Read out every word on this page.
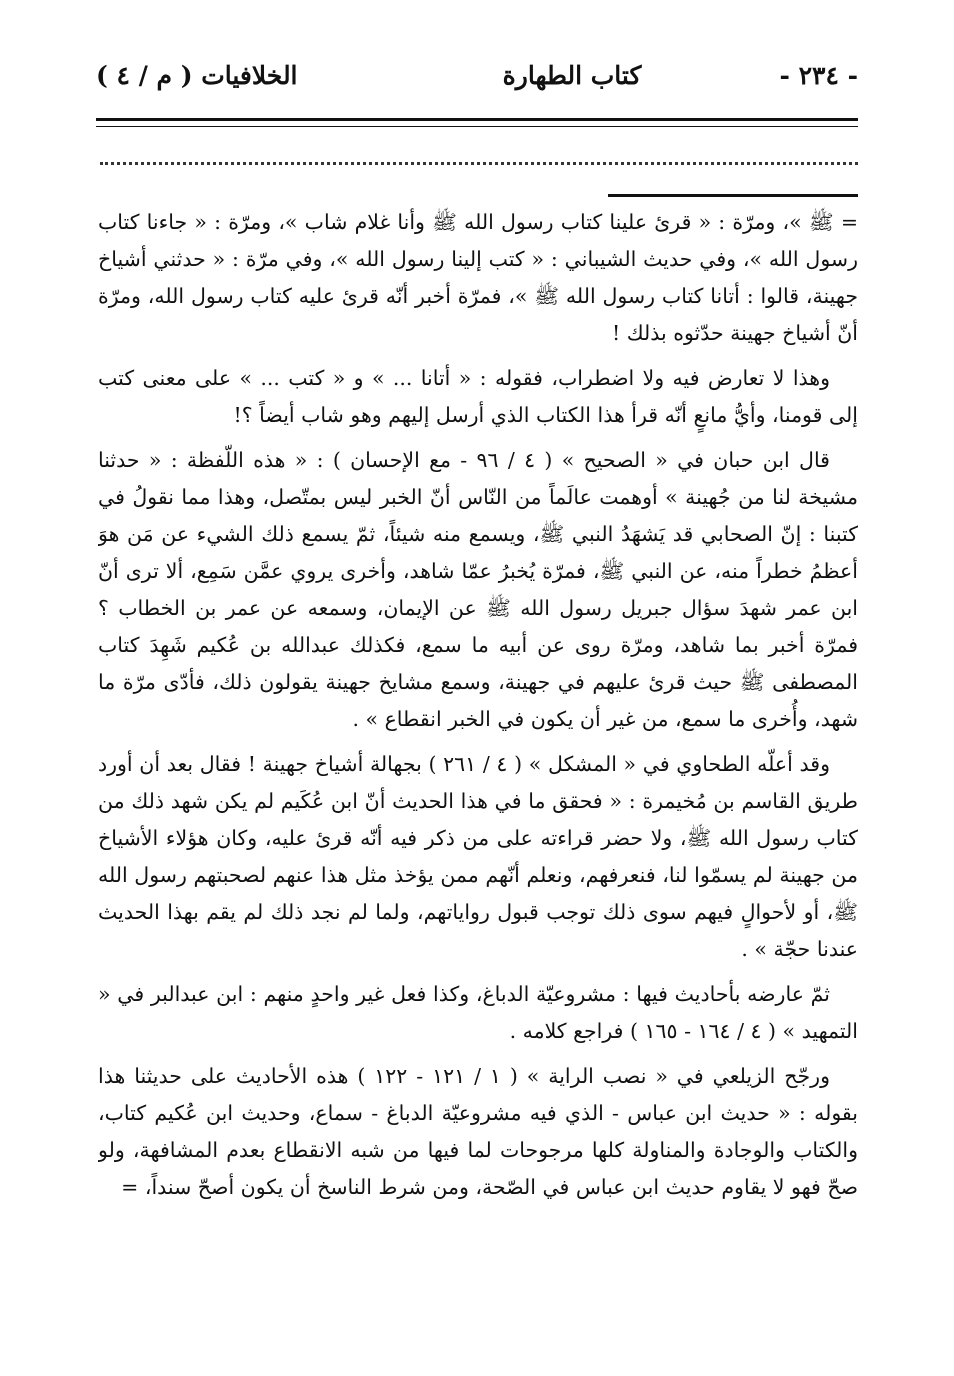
- ٢٣٤ -
كتاب الطهارة
الخلافيات ( م / ٤ )

= ﷺ »، ومرّة : « قرئ علينا كتاب رسول الله ﷺ وأنا غلام شاب »، ومرّة : « جاءنا كتاب رسول الله »، وفي حديث الشيباني : « كتب إلينا رسول الله »، وفي مرّة : « حدثني أشياخ جهينة، قالوا : أتانا كتاب رسول الله ﷺ »، فمرّة أخبر أنّه قرئ عليه كتاب رسول الله، ومرّة أنّ أشياخ جهينة حدّثوه بذلك !

وهذا لا تعارض فيه ولا اضطراب، فقوله : « أتانا ... » و « كتب ... » على معنى كتب إلى قومنا، وأيُّ مانعٍ أنّه قرأ هذا الكتاب الذي أرسل إليهم وهو شاب أيضاً ؟!

قال ابن حبان في « الصحيح » ( ٤ / ٩٦ - مع الإحسان ) : « هذه اللّفظة : « حدثنا مشيخة لنا من جُهينة » أوهمت عالَماً من النّاس أنّ الخبر ليس بمتّصل، وهذا مما نقولُ في كتبنا : إنّ الصحابي قد يَشهَدُ النبي ﷺ، ويسمع منه شيئاً، ثمّ يسمع ذلك الشيء عن مَن هوَ أعظمُ خطراً منه، عن النبي ﷺ، فمرّة يُخبرُ عمّا شاهد، وأخرى يروي عمَّن سَمِع، ألا ترى أنّ ابن عمر شهدَ سؤال جبريل رسول الله ﷺ عن الإيمان، وسمعه عن عمر بن الخطاب ؟ فمرّة أخبر بما شاهد، ومرّة روى عن أبيه ما سمع، فكذلك عبدالله بن عُكيم شَهِدَ كتاب المصطفى ﷺ حيث قرئ عليهم في جهينة، وسمع مشايخ جهينة يقولون ذلك، فأدّى مرّة ما شهد، وأُخرى ما سمع، من غير أن يكون في الخبر انقطاع » .

وقد أعلّه الطحاوي في « المشكل » ( ٤ / ٢٦١ ) بجهالة أشياخ جهينة ! فقال بعد أن أورد طريق القاسم بن مُخيمرة : « فحقق ما في هذا الحديث أنّ ابن عُكَيم لم يكن شهد ذلك من كتاب رسول الله ﷺ، ولا حضر قراءته على من ذكر فيه أنّه قرئ عليه، وكان هؤلاء الأشياخ من جهينة لم يسمّوا لنا، فنعرفهم، ونعلم أنّهم ممن يؤخذ مثل هذا عنهم لصحبتهم رسول الله ﷺ، أو لأحوالٍ فيهم سوى ذلك توجب قبول رواياتهم، ولما لم نجد ذلك لم يقم بهذا الحديث عندنا حجّة » .

ثمّ عارضه بأحاديث فيها : مشروعيّة الدباغ، وكذا فعل غير واحدٍ منهم : ابن عبدالبر في « التمهيد » ( ٤ / ١٦٤ - ١٦٥ ) فراجع كلامه .

ورجّح الزيلعي في « نصب الراية » ( ١ / ١٢١ - ١٢٢ ) هذه الأحاديث على حديثنا هذا بقوله : « حديث ابن عباس - الذي فيه مشروعيّة الدباغ - سماع، وحديث ابن عُكيم كتاب، والكتاب والوجادة والمناولة كلها مرجوحات لما فيها من شبه الانقطاع بعدم المشافهة، ولو صحّ فهو لا يقاوم حديث ابن عباس في الصّحة، ومن شرط الناسخ أن يكون أصحّ سنداً، =
